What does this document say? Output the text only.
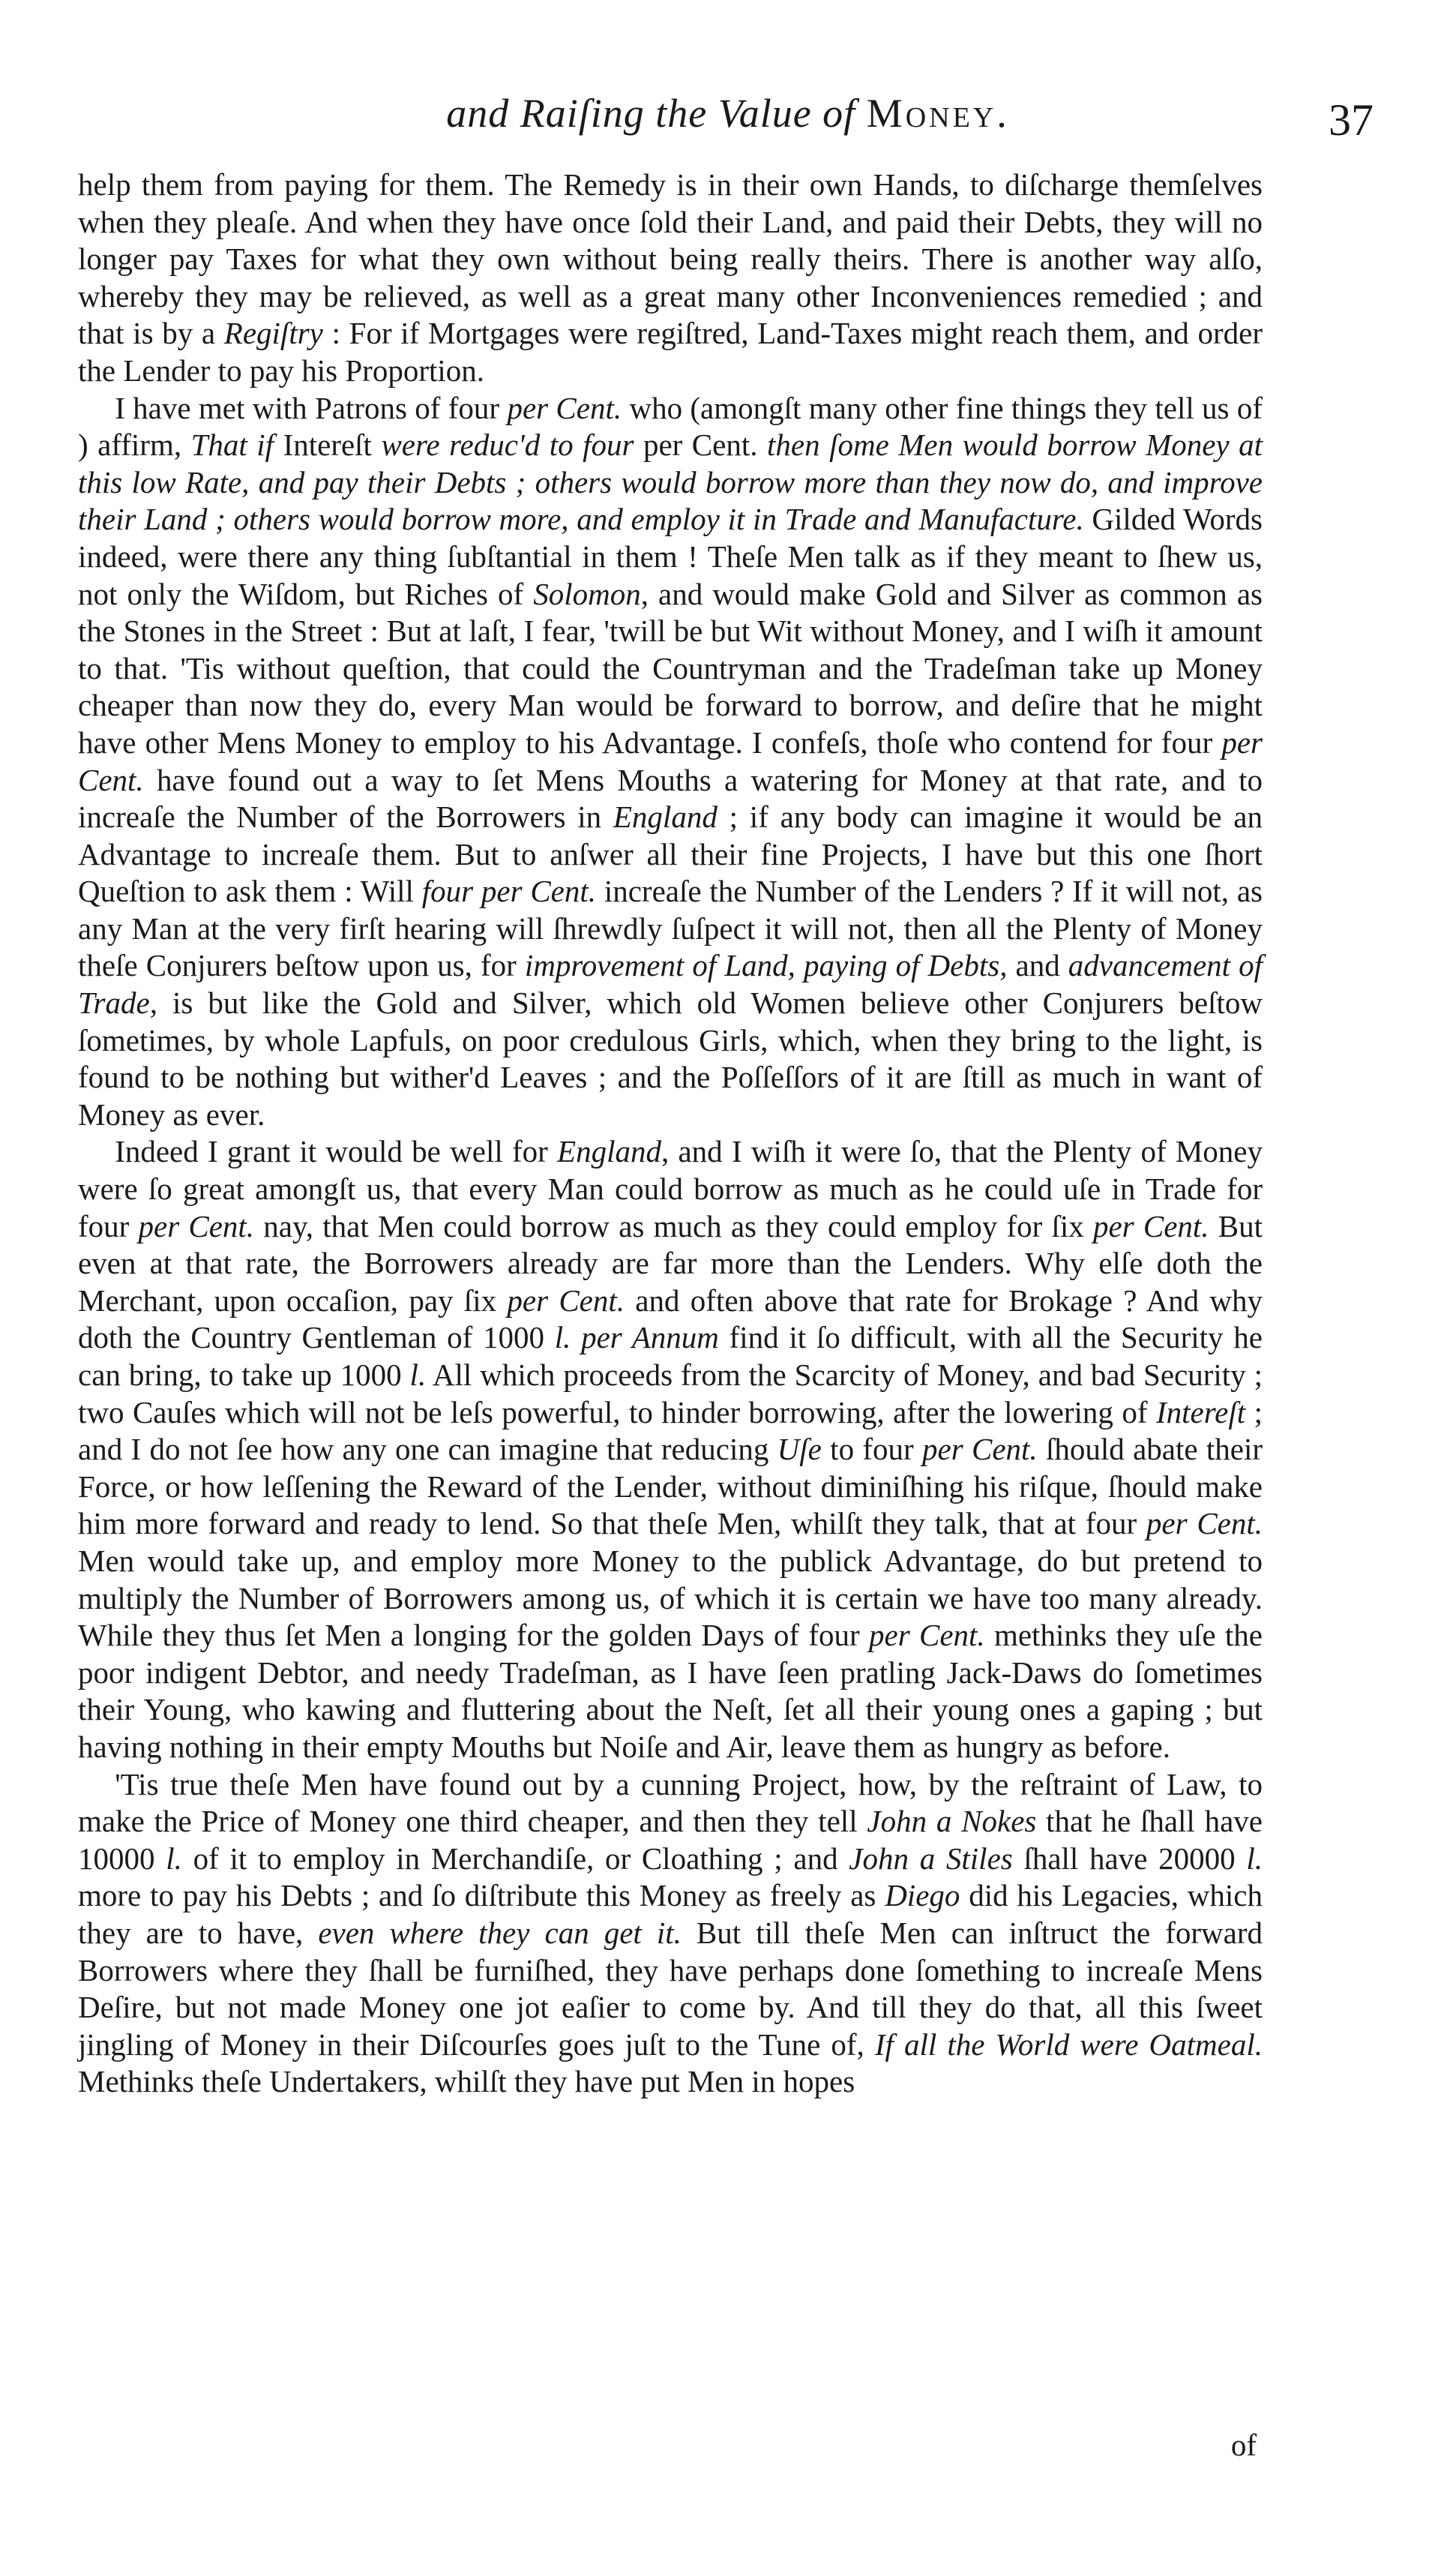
and Raiſing the Value of Money.	37

help them from paying for them. The Remedy is in their own Hands, to diſcharge themſelves when they pleaſe. And when they have once ſold their Land, and paid their Debts, they will no longer pay Taxes for what they own without being really theirs. There is another way alſo, whereby they may be relieved, as well as a great many other Inconveniences remedied ; and that is by a Regiſtry : For if Mortgages were regiſtred, Land-Taxes might reach them, and order the Lender to pay his Proportion.

I have met with Patrons of four per Cent. who (amongſt many other fine things they tell us of ) affirm, That if Intereſt were reduc'd to four per Cent. then ſome Men would borrow Money at this low Rate, and pay their Debts ; others would borrow more than they now do, and improve their Land ; others would borrow more, and employ it in Trade and Manufacture. Gilded Words indeed, were there any thing ſubſtantial in them ! Theſe Men talk as if they meant to ſhew us, not only the Wiſdom, but Riches of Solomon, and would make Gold and Silver as common as the Stones in the Street : But at laſt, I fear, 'twill be but Wit without Money, and I wiſh it amount to that. 'Tis without queſtion, that could the Countryman and the Tradeſman take up Money cheaper than now they do, every Man would be forward to borrow, and deſire that he might have other Mens Money to employ to his Advantage. I confeſs, thoſe who contend for four per Cent. have found out a way to ſet Mens Mouths a watering for Money at that rate, and to increaſe the Number of the Borrowers in England ; if any body can imagine it would be an Advantage to increaſe them. But to anſwer all their fine Projects, I have but this one ſhort Queſtion to ask them : Will four per Cent. increaſe the Number of the Lenders ? If it will not, as any Man at the very firſt hearing will ſhrewdly ſuſpect it will not, then all the Plenty of Money theſe Conjurers beſtow upon us, for improvement of Land, paying of Debts, and advancement of Trade, is but like the Gold and Silver, which old Women believe other Conjurers beſtow ſometimes, by whole Lapfuls, on poor credulous Girls, which, when they bring to the light, is found to be nothing but wither'd Leaves ; and the Poſſeſſors of it are ſtill as much in want of Money as ever.

Indeed I grant it would be well for England, and I wiſh it were ſo, that the Plenty of Money were ſo great amongſt us, that every Man could borrow as much as he could uſe in Trade for four per Cent. nay, that Men could borrow as much as they could employ for ſix per Cent. But even at that rate, the Borrowers already are far more than the Lenders. Why elſe doth the Merchant, upon occaſion, pay ſix per Cent. and often above that rate for Brokage ? And why doth the Country Gentleman of 1000 l. per Annum find it ſo difficult, with all the Security he can bring, to take up 1000 l. All which proceeds from the Scarcity of Money, and bad Security ; two Cauſes which will not be leſs powerful, to hinder borrowing, after the lowering of Intereſt ; and I do not ſee how any one can imagine that reducing Uſe to four per Cent. ſhould abate their Force, or how leſſening the Reward of the Lender, without diminiſhing his riſque, ſhould make him more forward and ready to lend. So that theſe Men, whilſt they talk, that at four per Cent. Men would take up, and employ more Money to the publick Advantage, do but pretend to multiply the Number of Borrowers among us, of which it is certain we have too many already. While they thus ſet Men a longing for the golden Days of four per Cent. methinks they uſe the poor indigent Debtor, and needy Tradeſman, as I have ſeen pratling Jack-Daws do ſometimes their Young, who kawing and fluttering about the Neſt, ſet all their young ones a gaping ; but having nothing in their empty Mouths but Noiſe and Air, leave them as hungry as before.

'Tis true theſe Men have found out by a cunning Project, how, by the reſtraint of Law, to make the Price of Money one third cheaper, and then they tell John a Nokes that he ſhall have 10000 l. of it to employ in Merchandiſe, or Cloathing ; and John a Stiles ſhall have 20000 l. more to pay his Debts ; and ſo diſtribute this Money as freely as Diego did his Legacies, which they are to have, even where they can get it. But till theſe Men can inſtruct the forward Borrowers where they ſhall be furniſhed, they have perhaps done ſomething to increaſe Mens Deſire, but not made Money one jot eaſier to come by. And till they do that, all this ſweet jingling of Money in their Diſcourſes goes juſt to the Tune of, If all the World were Oatmeal. Methinks theſe Undertakers, whilſt they have put Men in hopes

of
